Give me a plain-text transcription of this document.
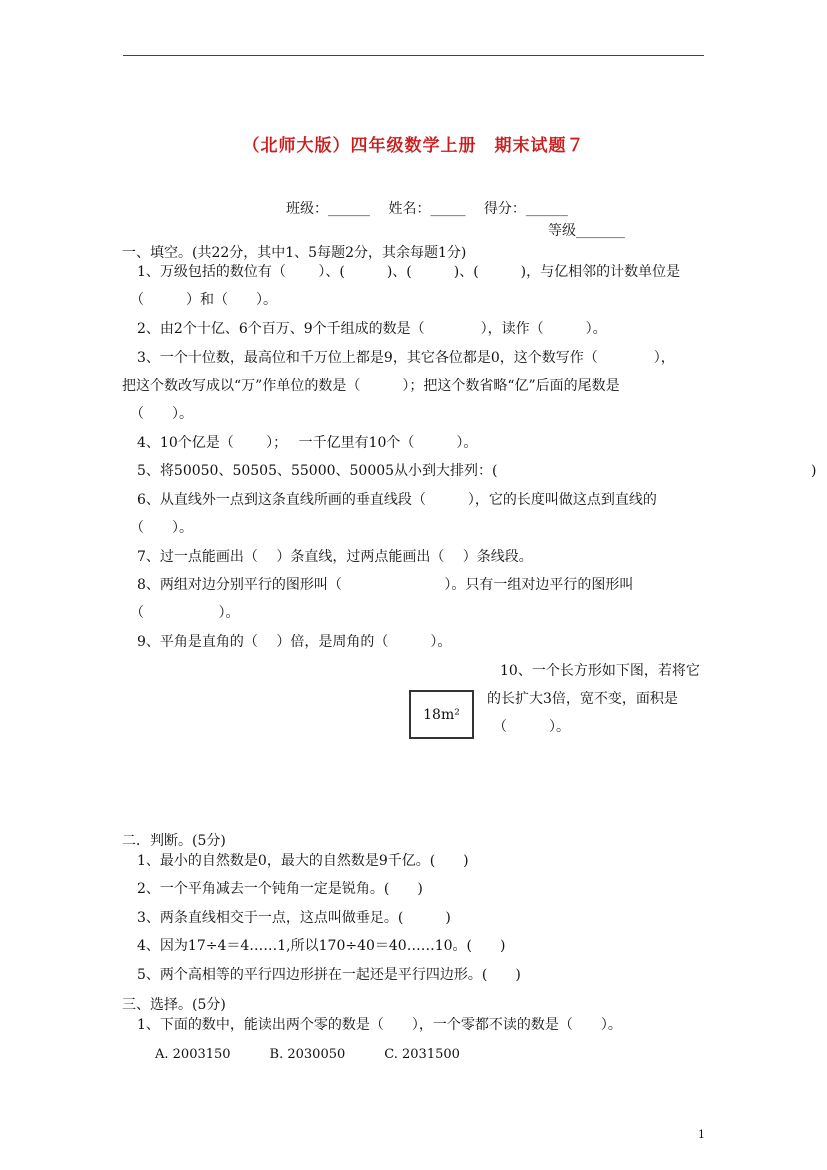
（北师大版）四年级数学上册　期末试题７
班级：______　 姓名：_____　 得分：______
等级_______
一、填空。(共22分，其中1、5每题2分，其余每题1分)
1、万级包括的数位有（　　 ）、(　　　)、(　　　)、(　　　)，与亿相邻的计数单位是
（　　　）和（　　）。
2、由2个十亿、6个百万、9个千组成的数是（　　　　），读作（　　　）。
3、一个十位数，最高位和千万位上都是9，其它各位都是0，这个数写作（　　　　），
把这个数改写成以“万”作单位的数是（　　　）；把这个数省略“亿”后面的尾数是
（　　）。
4、10个亿是（　　 ）；　 一千亿里有10个（　　　）。
5、将50050、50505、55000、50005从小到大排列：(	)
6、从直线外一点到这条直线所画的垂直线段（　　　），它的长度叫做这点到直线的
（　　）。
7、过一点能画出（　 ）条直线，过两点能画出（　 ）条线段。
8、两组对边分别平行的图形叫（　　　　　　　 ）。只有一组对边平行的图形叫
（　　　　　 ）。
9、平角是直角的（　 ）倍，是周角的（　　　）。
10、一个长方形如下图，若将它
的长扩大3倍，宽不变，面积是
（　　　）。
18m²
二．判断。(5分)
1、最小的自然数是0，最大的自然数是9千亿。(　　)
2、一个平角减去一个钝角一定是锐角。(　　)
3、两条直线相交于一点，这点叫做垂足。(　　　)
4、因为17÷4＝4……1,所以170÷40＝40……10。(　　)
5、两个高相等的平行四边形拼在一起还是平行四边形。(　　)
三、选择。(5分)
1、下面的数中，能读出两个零的数是（　　），一个零都不读的数是（　　）。
A. 2003150　　　B. 2030050　　　C. 2031500
1
